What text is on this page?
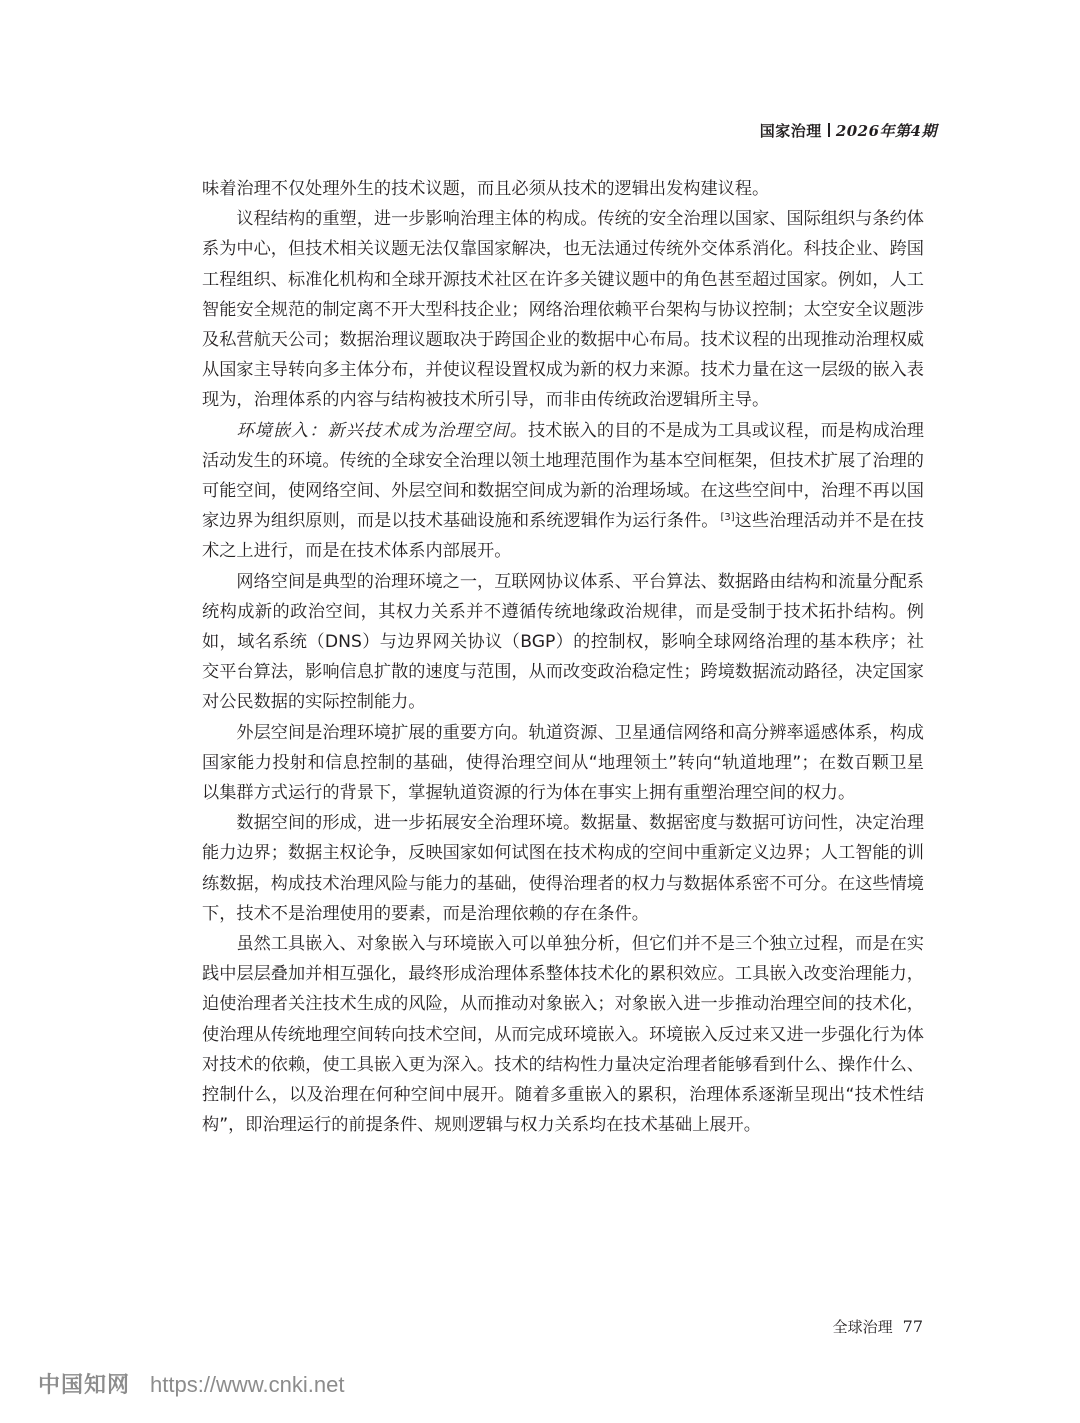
国家治理 2026年第4期

味着治理不仅处理外生的技术议题，而且必须从技术的逻辑出发构建议程。

议程结构的重塑，进一步影响治理主体的构成。传统的安全治理以国家、国际组织与条约体系为中心，但技术相关议题无法仅靠国家解决，也无法通过传统外交体系消化。科技企业、跨国工程组织、标准化机构和全球开源技术社区在许多关键议题中的角色甚至超过国家。例如，人工智能安全规范的制定离不开大型科技企业；网络治理依赖平台架构与协议控制；太空安全议题涉及私营航天公司；数据治理议题取决于跨国企业的数据中心布局。技术议程的出现推动治理权威从国家主导转向多主体分布，并使议程设置权成为新的权力来源。技术力量在这一层级的嵌入表现为，治理体系的内容与结构被技术所引导，而非由传统政治逻辑所主导。

环境嵌入：新兴技术成为治理空间。技术嵌入的目的不是成为工具或议程，而是构成治理活动发生的环境。传统的全球安全治理以领土地理范围作为基本空间框架，但技术扩展了治理的可能空间，使网络空间、外层空间和数据空间成为新的治理场域。在这些空间中，治理不再以国家边界为组织原则，而是以技术基础设施和系统逻辑作为运行条件。 [3]这些治理活动并不是在技术之上进行，而是在技术体系内部展开。

网络空间是典型的治理环境之一，互联网协议体系、平台算法、数据路由结构和流量分配系统构成新的政治空间，其权力关系并不遵循传统地缘政治规律，而是受制于技术拓扑结构。例如，域名系统（DNS）与边界网关协议（BGP）的控制权，影响全球网络治理的基本秩序；社交平台算法，影响信息扩散的速度与范围，从而改变政治稳定性；跨境数据流动路径，决定国家对公民数据的实际控制能力。

外层空间是治理环境扩展的重要方向。轨道资源、卫星通信网络和高分辨率遥感体系，构成国家能力投射和信息控制的基础，使得治理空间从“地理领土”转向“轨道地理”；在数百颗卫星以集群方式运行的背景下，掌握轨道资源的行为体在事实上拥有重塑治理空间的权力。

数据空间的形成，进一步拓展安全治理环境。数据量、数据密度与数据可访问性，决定治理能力边界；数据主权论争，反映国家如何试图在技术构成的空间中重新定义边界；人工智能的训练数据，构成技术治理风险与能力的基础，使得治理者的权力与数据体系密不可分。在这些情境下，技术不是治理使用的要素，而是治理依赖的存在条件。

虽然工具嵌入、对象嵌入与环境嵌入可以单独分析，但它们并不是三个独立过程，而是在实践中层层叠加并相互强化，最终形成治理体系整体技术化的累积效应。工具嵌入改变治理能力，迫使治理者关注技术生成的风险，从而推动对象嵌入；对象嵌入进一步推动治理空间的技术化，使治理从传统地理空间转向技术空间，从而完成环境嵌入。环境嵌入反过来又进一步强化行为体对技术的依赖，使工具嵌入更为深入。技术的结构性力量决定治理者能够看到什么、操作什么、控制什么，以及治理在何种空间中展开。随着多重嵌入的累积，治理体系逐渐呈现出“技术性结构”，即治理运行的前提条件、规则逻辑与权力关系均在技术基础上展开。

全球治理 77
中国知网 https://www.cnki.net
